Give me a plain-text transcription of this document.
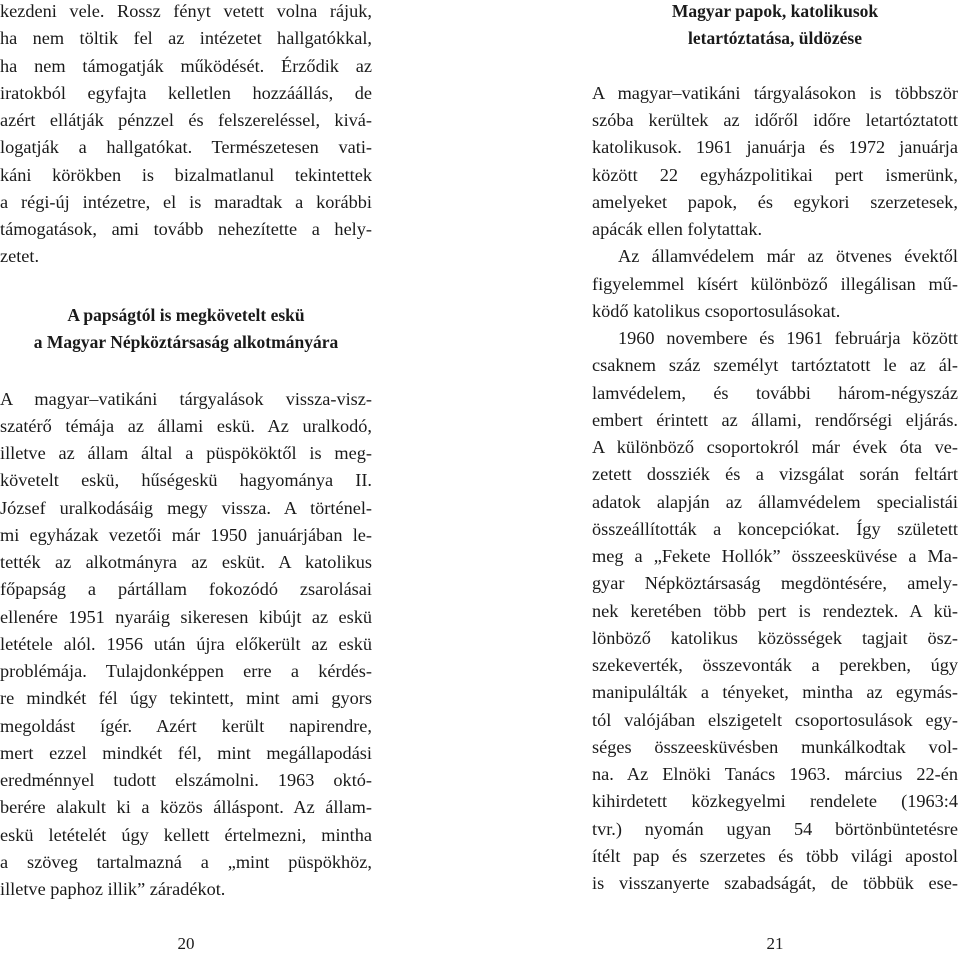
kezdeni vele. Rossz fényt vetett volna rájuk,
ha nem töltik fel az intézetet hallgatókkal,
ha nem támogatják működését. Érződik az
iratokból egyfajta kelletlen hozzáállás, de
azért ellátják pénzzel és felszereléssel, kivá-
logatják a hallgatókat. Természetesen vati-
káni körökben is bizalmatlanul tekintettek
a régi-új intézetre, el is maradtak a korábbi
támogatások, ami tovább nehezítette a hely-
zetet.

A papságtól is megkövetelt eskü
a Magyar Népköztársaság alkotmányára

A magyar–vatikáni tárgyalások vissza-visz-
szatérő témája az állami eskü. Az uralkodó,
illetve az állam által a püspököktől is meg-
követelt eskü, hűségeskü hagyománya II.
József uralkodásáig megy vissza. A történel-
mi egyházak vezetői már 1950 januárjában le-
tették az alkotmányra az esküt. A katolikus
főpapság a pártállam fokozódó zsarolásai
ellenére 1951 nyaráig sikeresen kibújt az eskü
letétele alól. 1956 után újra előkerült az eskü
problémája. Tulajdonképpen erre a kérdés-
re mindkét fél úgy tekintett, mint ami gyors
megoldást ígér. Azért került napirendre,
mert ezzel mindkét fél, mint megállapodási
eredménnyel tudott elszámolni. 1963 októ-
berére alakult ki a közös álláspont. Az állam-
eskü letételét úgy kellett értelmezni, mintha
a szöveg tartalmazná a „mint püspökhöz,
illetve paphoz illik” záradékot.

20
Magyar papok, katolikusok
letartóztatása, üldözése

A magyar–vatikáni tárgyalásokon is többször
szóba kerültek az időről időre letartóztatott
katolikusok. 1961 januárja és 1972 januárja
között 22 egyházpolitikai pert ismerünk,
amelyeket papok, és egykori szerzetesek,
apácák ellen folytattak.

Az államvédelem már az ötvenes évektől
figyelemmel kísért különböző illegálisan mű-
ködő katolikus csoportosulásokat.

1960 novembere és 1961 februárja között
csaknem száz személyt tartóztatott le az ál-
lamvédelem, és további három-négyszáz
embert érintett az állami, rendőrségi eljárás.
A különböző csoportokról már évek óta ve-
zetett dossziék és a vizsgálat során feltárt
adatok alapján az államvédelem specialistái
összeállították a koncepciókat. Így született
meg a „Fekete Hollók” összeesküvése a Ma-
gyar Népköztársaság megdöntésére, amely-
nek keretében több pert is rendeztek. A kü-
lönböző katolikus közösségek tagjait ösz-
szekeverték, összevonták a perekben, úgy
manipulálták a tényeket, mintha az egymás-
tól valójában elszigetelt csoportosulások egy-
séges összeesküvésben munkálkodtak vol-
na. Az Elnöki Tanács 1963. március 22-én
kihirdetett közkegyelmi rendelete (1963:4
tvr.) nyomán ugyan 54 börtönbüntetésre
ítélt pap és szerzetes és több világi apostol
is visszanyerte szabadságát, de többük ese-

21
